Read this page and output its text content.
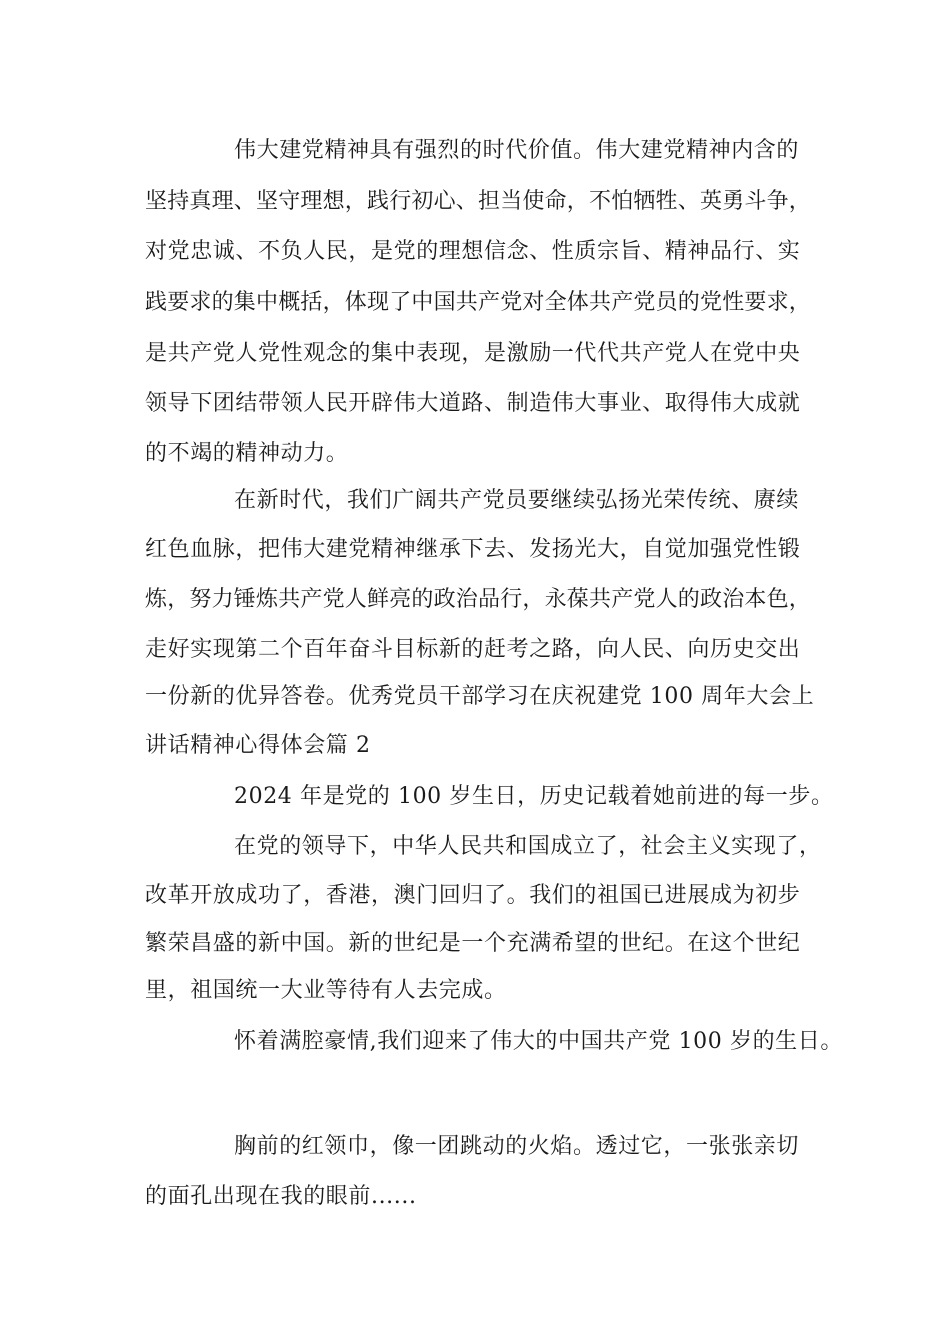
伟大建党精神具有强烈的时代价值。伟大建党精神内含的
坚持真理、坚守理想，践行初心、担当使命，不怕牺牲、英勇斗争，
对党忠诚、不负人民，是党的理想信念、性质宗旨、精神品行、实
践要求的集中概括，体现了中国共产党对全体共产党员的党性要求，
是共产党人党性观念的集中表现，是激励一代代共产党人在党中央
领导下团结带领人民开辟伟大道路、制造伟大事业、取得伟大成就
的不竭的精神动力。
在新时代，我们广阔共产党员要继续弘扬光荣传统、赓续
红色血脉，把伟大建党精神继承下去、发扬光大，自觉加强党性锻
炼，努力锤炼共产党人鲜亮的政治品行，永葆共产党人的政治本色，
走好实现第二个百年奋斗目标新的赶考之路，向人民、向历史交出
一份新的优异答卷。优秀党员干部学习在庆祝建党 100 周年大会上
讲话精神心得体会篇 2
2024 年是党的 100 岁生日，历史记载着她前进的每一步。
在党的领导下，中华人民共和国成立了，社会主义实现了，
改革开放成功了，香港，澳门回归了。我们的祖国已进展成为初步
繁荣昌盛的新中国。新的世纪是一个充满希望的世纪。在这个世纪
里，祖国统一大业等待有人去完成。
怀着满腔豪情,我们迎来了伟大的中国共产党 100 岁的生日。
胸前的红领巾，像一团跳动的火焰。透过它，一张张亲切
的面孔出现在我的眼前......
